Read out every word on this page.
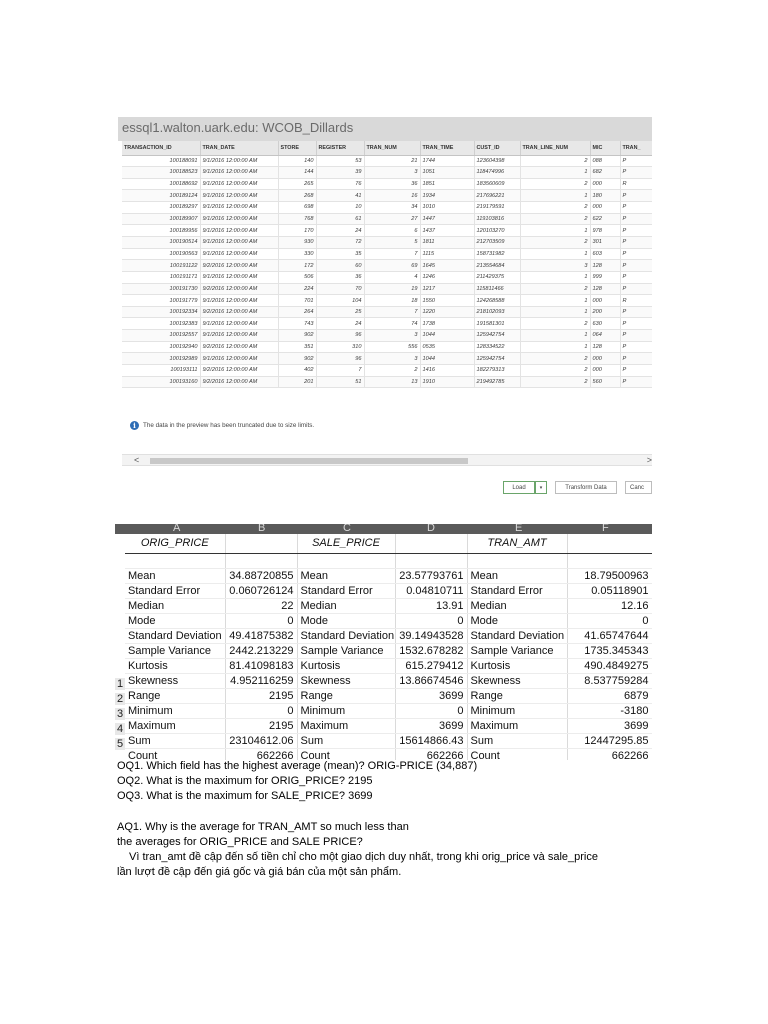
essql1.walton.uark.edu: WCOB_Dillards
TRANSACTION_ID	TRAN_DATE	STORE	REGISTER	TRAN_NUM	TRAN_TIME	CUST_ID	TRAN_LINE_NUM	MIC	TRAN_
100188091	9/1/2016 12:00:00 AM	140	53	21	1744	123604398	2	088	P
100188523	9/1/2016 12:00:00 AM	144	39	3	1051	118474996	1	682	P
100188692	9/1/2016 12:00:00 AM	265	76	36	1851	183560609	2	000	R
100189124	9/1/2016 12:00:00 AM	268	41	16	1934	217696221	1	180	P
100189297	9/1/2016 12:00:00 AM	698	10	34	1010	219179591	2	000	P
100189907	9/1/2016 12:00:00 AM	768	61	27	1447	119103816	2	622	P
100189956	9/1/2016 12:00:00 AM	170	24	6	1437	120103270	1	978	P
100190514	9/1/2016 12:00:00 AM	930	72	5	1811	212703509	2	301	P
100190563	9/1/2016 12:00:00 AM	330	35	7	1115	158731982	1	603	P
100191122	9/2/2016 12:00:00 AM	172	60	69	1645	213554684	3	128	P
100191171	9/1/2016 12:00:00 AM	506	36	4	1246	211429375	1	999	P
100191730	9/2/2016 12:00:00 AM	224	70	19	1217	115811466	2	128	P
100191779	9/1/2016 12:00:00 AM	701	104	18	1550	124268588	1	000	R
100192334	9/2/2016 12:00:00 AM	264	25	7	1220	218102093	1	200	P
100192383	9/1/2016 12:00:00 AM	743	24	74	1738	191581301	2	630	P
100192557	9/1/2016 12:00:00 AM	902	96	3	1044	125942754	1	064	P
100192940	9/2/2016 12:00:00 AM	351	310	556	0535	128334522	1	128	P
100192989	9/1/2016 12:00:00 AM	902	96	3	1044	125942754	2	000	P
100193111	9/2/2016 12:00:00 AM	402	7	2	1416	182279313	2	000	P
100193160	9/2/2016 12:00:00 AM	201	51	13	1910	219492785	2	560	P
i	The data in the preview has been truncated due to size limits.
<	>
Load	▾	Transform Data	Canc
A	B	C	D	E	F
1
2
3
4
5
ORIG_PRICE		SALE_PRICE		TRAN_AMT	

Mean	34.88720855	Mean	23.57793761	Mean	18.79500963
Standard Error	0.060726124	Standard Error	0.04810711	Standard Error	0.05118901
Median	22	Median	13.91	Median	12.16
Mode	0	Mode	0	Mode	0
Standard Deviation	49.41875382	Standard Deviation	39.14943528	Standard Deviation	41.65747644
Sample Variance	2442.213229	Sample Variance	1532.678282	Sample Variance	1735.345343
Kurtosis	81.41098183	Kurtosis	615.279412	Kurtosis	490.4849275
Skewness	4.952116259	Skewness	13.86674546	Skewness	8.537759284
Range	2195	Range	3699	Range	6879
Minimum	0	Minimum	0	Minimum	-3180
Maximum	2195	Maximum	3699	Maximum	3699
Sum	23104612.06	Sum	15614866.43	Sum	12447295.85
Count	662266	Count	662266	Count	662266

OQ1. Which field has the highest average (mean)? ORIG-PRICE (34,887)

OQ2. What is the maximum for ORIG_PRICE? 2195

OQ3. What is the maximum for SALE_PRICE? 3699

AQ1. Why is the average for TRAN_AMT so much less than

the averages for ORIG_PRICE and SALE PRICE?

Vì tran_amt đề cập đến số tiền chỉ cho một giao dịch duy nhất, trong khi orig_price và sale_price

lần lượt đề cập đến giá gốc và giá bán của một sản phẩm.
